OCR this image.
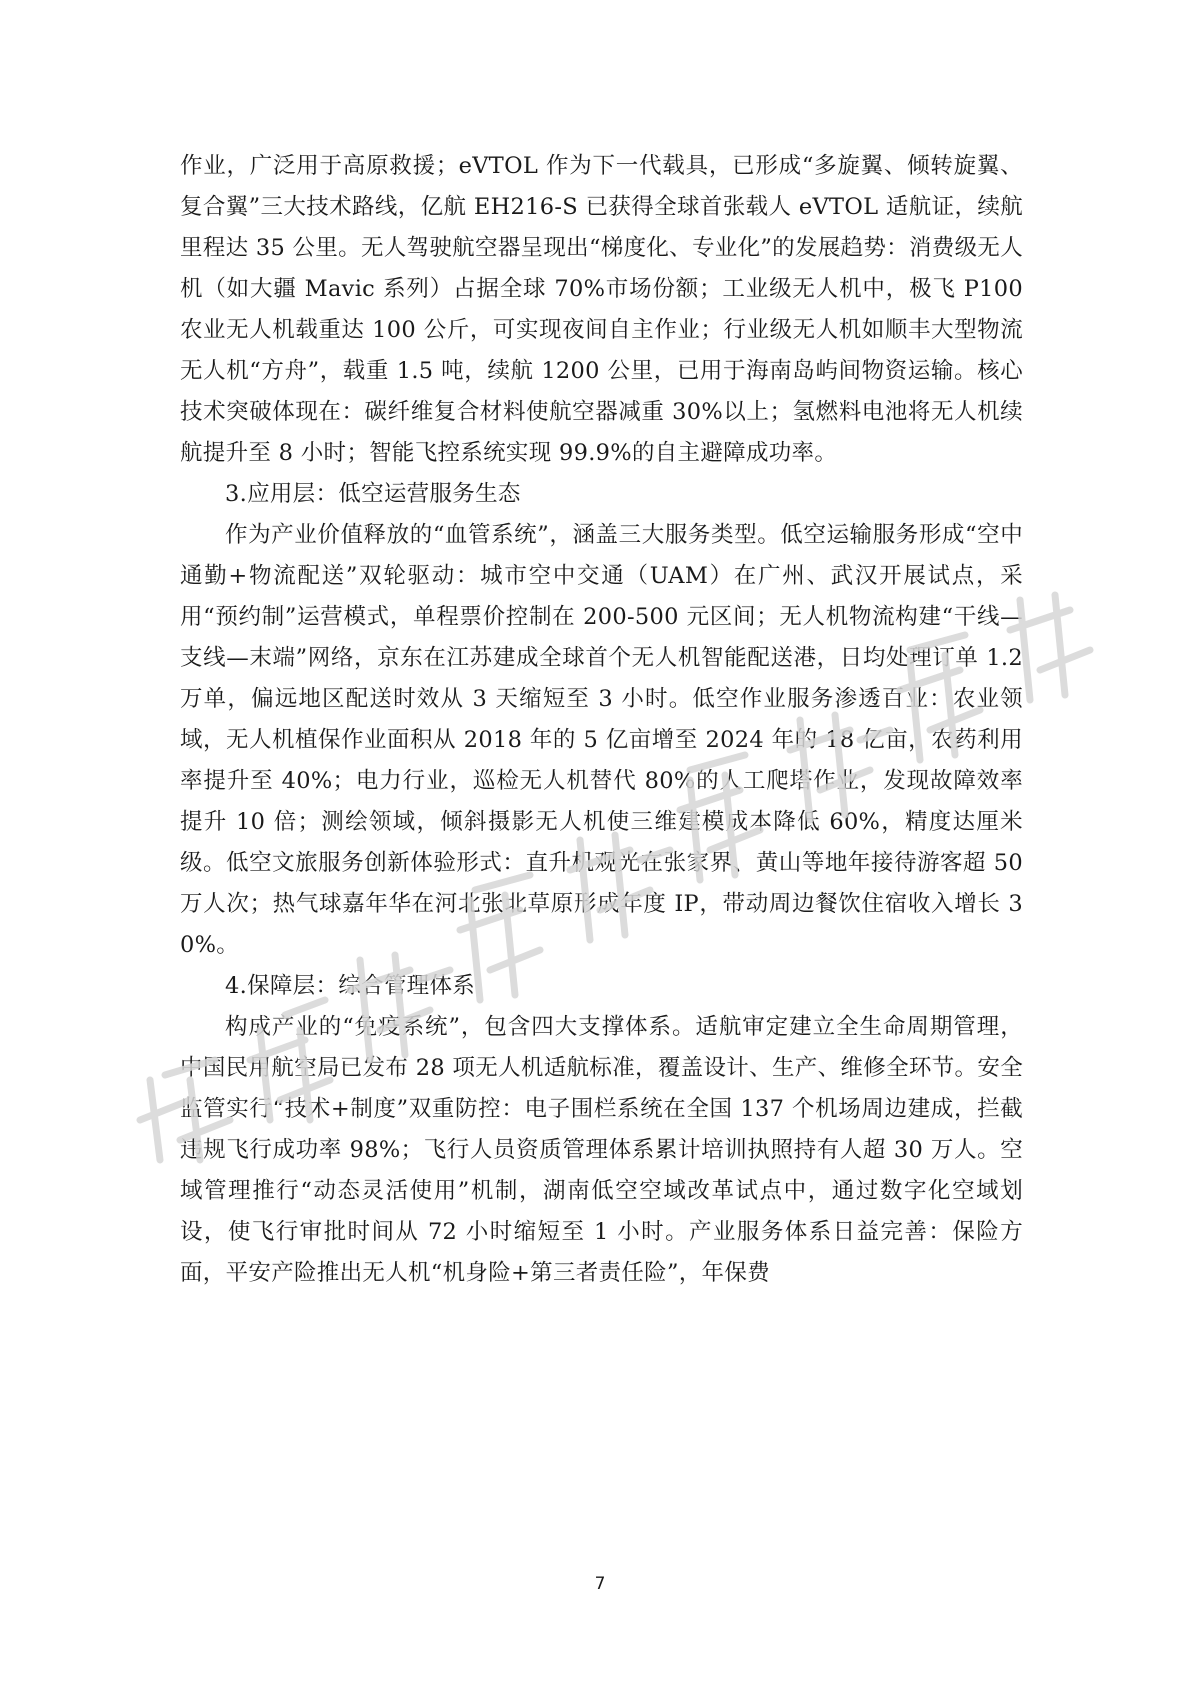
作业，广泛用于高原救援；eVTOL 作为下一代载具，已形成“多旋翼、倾转旋翼、复合翼”三大技术路线，亿航 EH216-S 已获得全球首张载人 eVTOL 适航证，续航里程达 35 公里。无人驾驶航空器呈现出“梯度化、专业化”的发展趋势：消费级无人机（如大疆 Mavic 系列）占据全球 70%市场份额；工业级无人机中，极飞 P100 农业无人机载重达 100 公斤，可实现夜间自主作业；行业级无人机如顺丰大型物流无人机“方舟”，载重 1.5 吨，续航 1200 公里，已用于海南岛屿间物资运输。核心技术突破体现在：碳纤维复合材料使航空器减重 30%以上；氢燃料电池将无人机续航提升至 8 小时；智能飞控系统实现 99.9%的自主避障成功率。

3.应用层：低空运营服务生态

作为产业价值释放的“血管系统”，涵盖三大服务类型。低空运输服务形成“空中通勤+物流配送”双轮驱动：城市空中交通（UAM）在广州、武汉开展试点，采用“预约制”运营模式，单程票价控制在 200-500 元区间；无人机物流构建“干线—支线—末端”网络，京东在江苏建成全球首个无人机智能配送港，日均处理订单 1.2 万单，偏远地区配送时效从 3 天缩短至 3 小时。低空作业服务渗透百业：农业领域，无人机植保作业面积从 2018 年的 5 亿亩增至 2024 年的 18 亿亩，农药利用率提升至 40%；电力行业，巡检无人机替代 80%的人工爬塔作业，发现故障效率提升 10 倍；测绘领域，倾斜摄影无人机使三维建模成本降低 60%，精度达厘米级。低空文旅服务创新体验形式：直升机观光在张家界、黄山等地年接待游客超 50 万人次；热气球嘉年华在河北张北草原形成年度 IP，带动周边餐饮住宿收入增长 30%。

4.保障层：综合管理体系

构成产业的“免疫系统”，包含四大支撑体系。适航审定建立全生命周期管理，中国民用航空局已发布 28 项无人机适航标准，覆盖设计、生产、维修全环节。安全监管实行“技术+制度”双重防控：电子围栏系统在全国 137 个机场周边建成，拦截违规飞行成功率 98%；飞行人员资质管理体系累计培训执照持有人超 30 万人。空域管理推行“动态灵活使用”机制，湖南低空空域改革试点中，通过数字化空域划设，使飞行审批时间从 72 小时缩短至 1 小时。产业服务体系日益完善：保险方面，平安产险推出无人机“机身险+第三者责任险”，年保费

7
